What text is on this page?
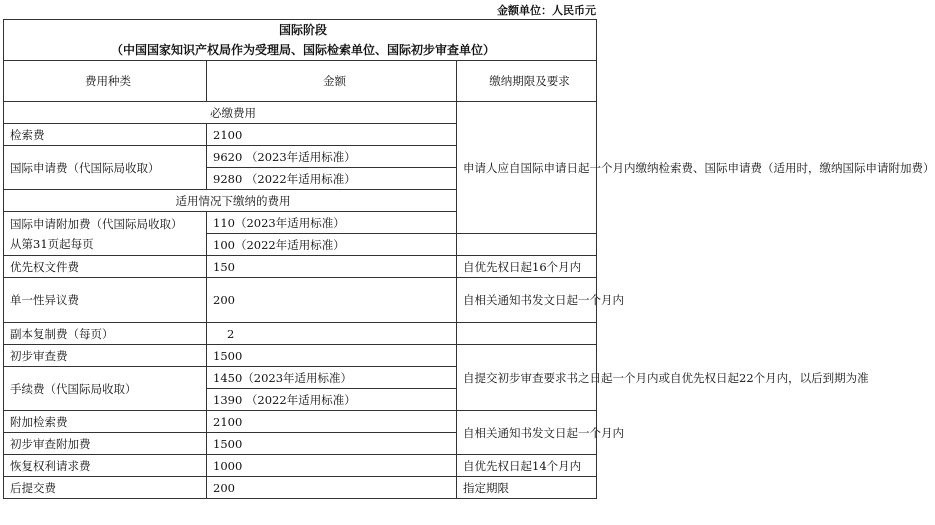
金额单位：人民币元
国际阶段
（中国国家知识产权局作为受理局、国际检索单位、国际初步审查单位）		

费用种类	金额	缴纳期限及要求
必缴费用		申请人应自国际申请日起一个月内缴纳检索费、国际申请费（适用时，缴纳国际申请附加费）
检索费	2100	
国际申请费（代国际局收取）	9620 （2023年适用标准）	
	9280 （2022年适用标准）	
适用情况下缴纳的费用		

国际申请附加费（代国际局收取）
从第31页起每页	110（2023年适用标准）	
	100（2022年适用标准）	
优先权文件费	150	自优先权日起16个月内
单一性异议费	200	自相关通知书发文日起一个月内
副本复制费（每页）	2	
初步审查费	1500	自提交初步审查要求书之日起一个月内或自优先权日起22个月内，以后到期为准
手续费（代国际局收取）	1450（2023年适用标准）	
	1390 （2022年适用标准）	
附加检索费	2100	自相关通知书发文日起一个月内
初步审查附加费	1500	
恢复权利请求费	1000	自优先权日起14个月内
后提交费	200	指定期限
